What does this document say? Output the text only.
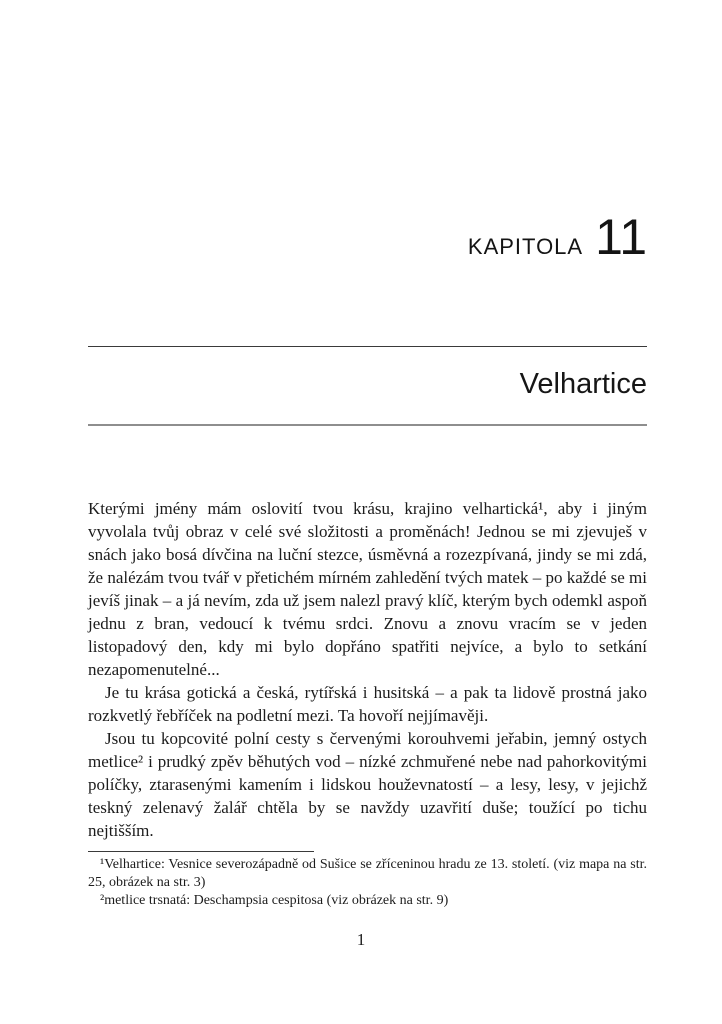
KAPITOLA 11
Velhartice

Kterými jmény mám oslovití tvou krásu, krajino velhartická¹, aby i jiným vyvolala tvůj obraz v celé své složitosti a proměnách! Jednou se mi zjevuješ v snách jako bosá dívčina na luční stezce, úsměvná a rozezpívaná, jindy se mi zdá, že nalézám tvou tvář v přetichém mírném zahledění tvých matek – po každé se mi jevíš jinak – a já nevím, zda už jsem nalezl pravý klíč, kterým bych odemkl aspoň jednu z bran, vedoucí k tvému srdci. Znovu a znovu vracím se v jeden listopadový den, kdy mi bylo dopřáno spatřiti nejvíce, a bylo to setkání nezapomenutelné...

Je tu krása gotická a česká, rytířská i husitská – a pak ta lidově prostná jako rozkvetlý řebříček na podletní mezi. Ta hovoří nejjímavěji.

Jsou tu kopcovité polní cesty s červenými korouhvemi jeřabin, jemný ostych metlice² i prudký zpěv běhutých vod – nízké zchmuřené nebe nad pahorkovitými políčky, ztarasenými kamením i lidskou houževnatostí – a lesy, lesy, v jejichž teskný zelenavý žalář chtěla by se navždy uzavřití duše; toužící po tichu nejtišším.

¹Velhartice: Vesnice severozápadně od Sušice se zříceninou hradu ze 13. století. (viz mapa na str. 25, obrázek na str. 3)

²metlice trsnatá: Deschampsia cespitosa (viz obrázek na str. 9)

1
